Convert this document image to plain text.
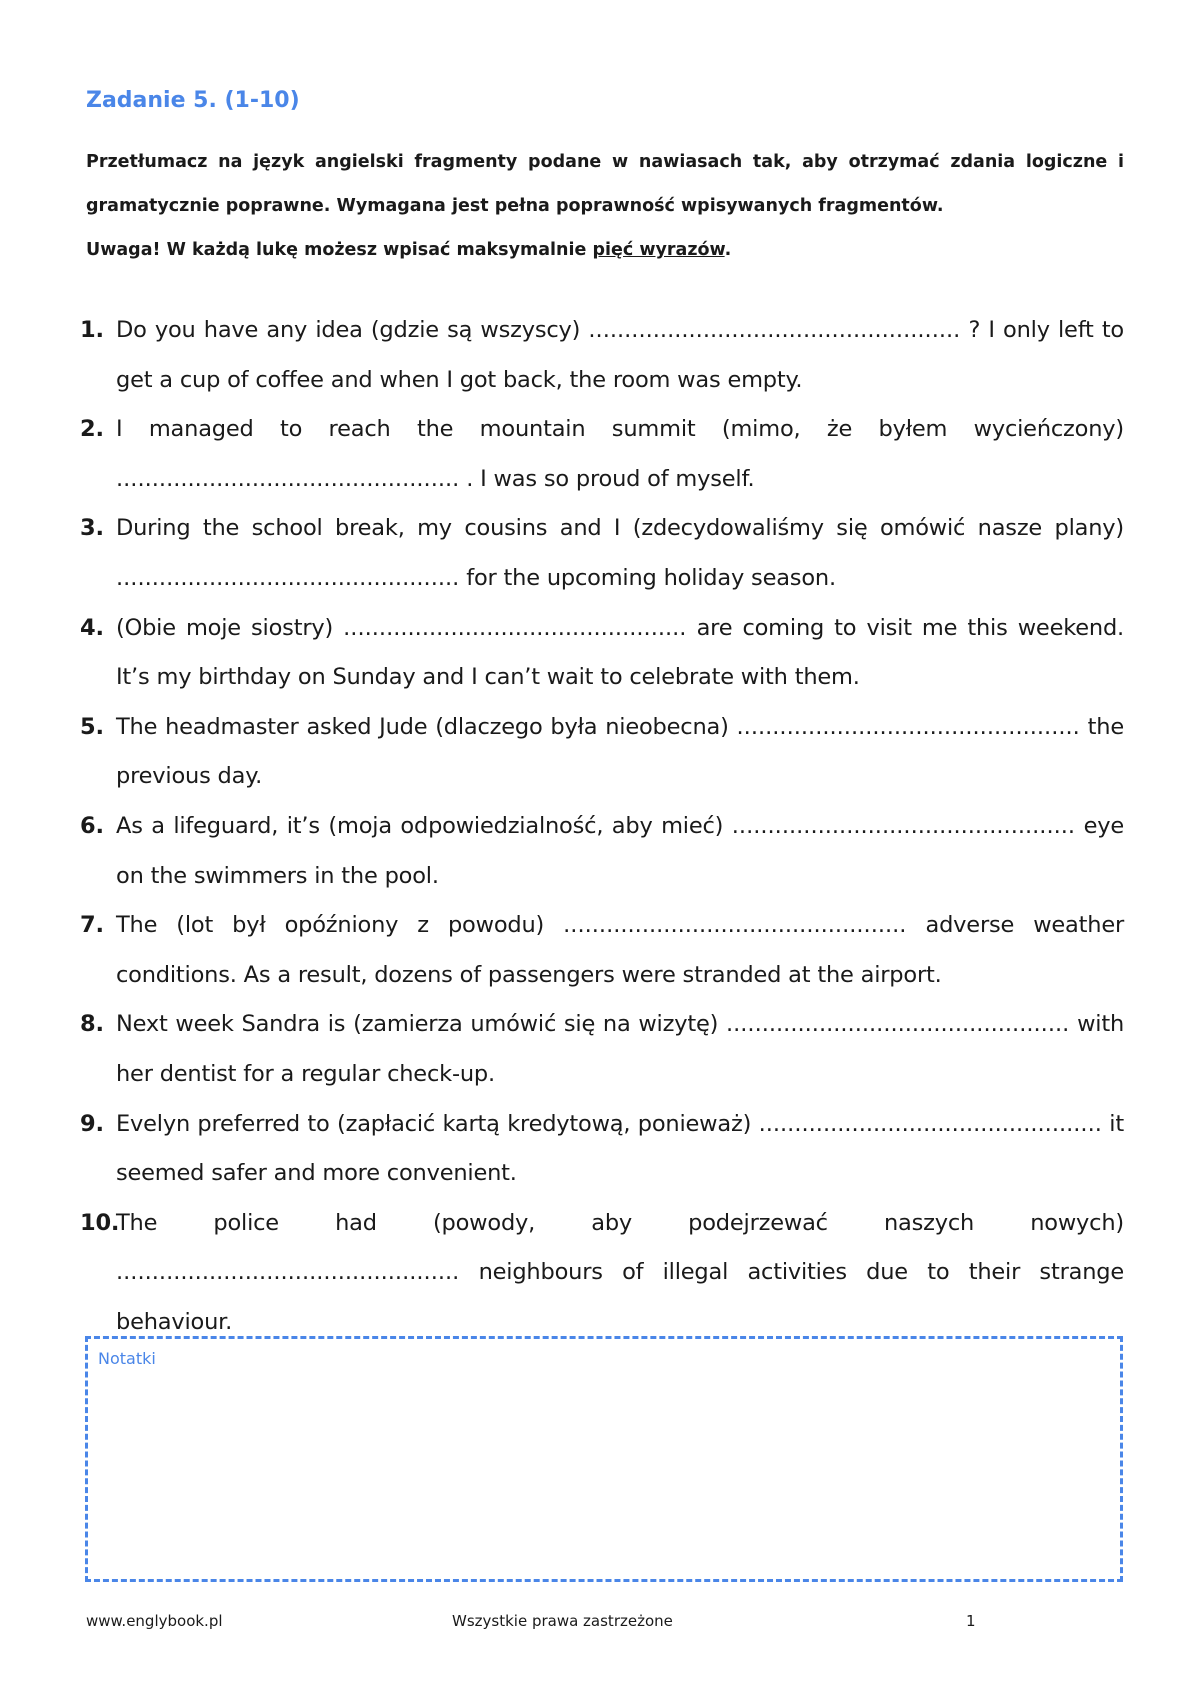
Zadanie 5. (1-10)
Przetłumacz na język angielski fragmenty podane w nawiasach tak, aby otrzymać zdania logiczne i
gramatycznie poprawne. Wymagana jest pełna poprawność wpisywanych fragmentów.
Uwaga! W każdą lukę możesz wpisać maksymalnie pięć wyrazów.
1. Do you have any idea (gdzie są wszyscy) .................................................... ? I only left to get a cup of coffee and when I got back, the room was empty.
2. I managed to reach the mountain summit (mimo, że byłem wycieńczony) ................................................ . I was so proud of myself.
3. During the school break, my cousins and I (zdecydowaliśmy się omówić nasze plany) ................................................ for the upcoming holiday season.
4. (Obie moje siostry) ................................................ are coming to visit me this weekend. It’s my birthday on Sunday and I can’t wait to celebrate with them.
5. The headmaster asked Jude (dlaczego była nieobecna) ................................................ the previous day.
6. As a lifeguard, it’s (moja odpowiedzialność, aby mieć) ................................................ eye on the swimmers in the pool.
7. The (lot był opóźniony z powodu) ................................................ adverse weather conditions. As a result, dozens of passengers were stranded at the airport.
8. Next week Sandra is (zamierza umówić się na wizytę) ................................................ with her dentist for a regular check-up.
9. Evelyn preferred to (zapłacić kartą kredytową, ponieważ) ................................................ it seemed safer and more convenient.
10.
The police had (powody, aby podejrzewać naszych nowych) ................................................ neighbours of illegal activities due to their strange behaviour.
Notatki
www.englybook.pl	Wszystkie prawa zastrzeżone	1
